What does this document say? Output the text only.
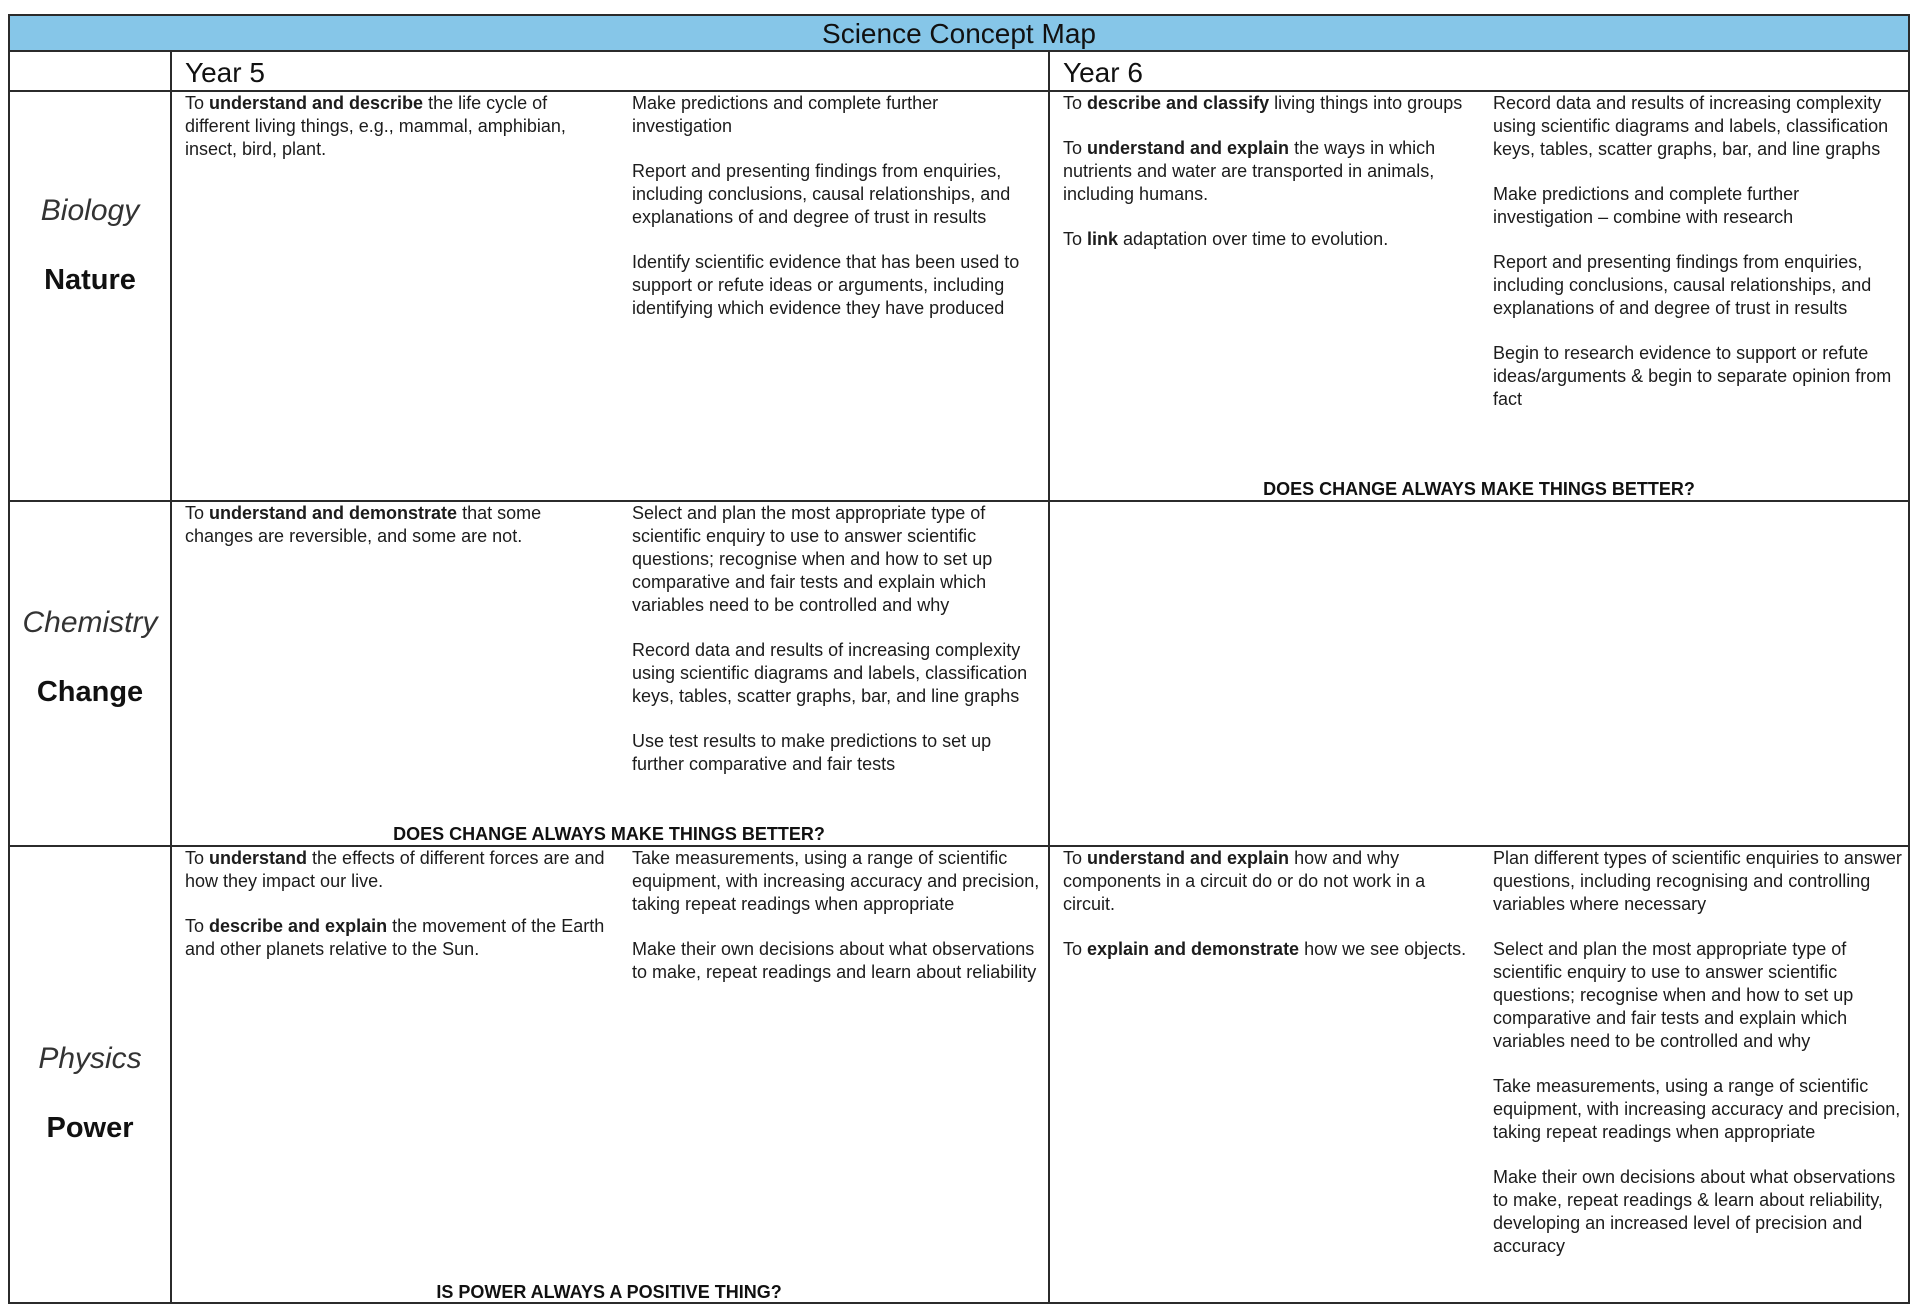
Science Concept Map
Year 5	Year 6
Biology
Nature
Chemistry
Change
Physics
Power

To understand and describe the life cycle of different living things, e.g., mammal, amphibian, insect, bird, plant.

Make predictions and complete further investigation

Report and presenting findings from enquiries, including conclusions, causal relationships, and explanations of and degree of trust in results

Identify scientific evidence that has been used to support or refute ideas or arguments, including identifying which evidence they have produced

To describe and classify living things into groups

To understand and explain the ways in which nutrients and water are transported in animals, including humans.

To link adaptation over time to evolution.

Record data and results of increasing complexity using scientific diagrams and labels, classification keys, tables, scatter graphs, bar, and line graphs

Make predictions and complete further investigation – combine with research

Report and presenting findings from enquiries, including conclusions, causal relationships, and explanations of and degree of trust in results

Begin to research evidence to support or refute ideas/arguments & begin to separate opinion from fact

DOES CHANGE ALWAYS MAKE THINGS BETTER?

To understand and demonstrate that some changes are reversible, and some are not.

Select and plan the most appropriate type of scientific enquiry to use to answer scientific questions; recognise when and how to set up comparative and fair tests and explain which variables need to be controlled and why

Record data and results of increasing complexity using scientific diagrams and labels, classification keys, tables, scatter graphs, bar, and line graphs

Use test results to make predictions to set up further comparative and fair tests

DOES CHANGE ALWAYS MAKE THINGS BETTER?

To understand the effects of different forces are and how they impact our live.

To describe and explain the movement of the Earth and other planets relative to the Sun.

Take measurements, using a range of scientific equipment, with increasing accuracy and precision, taking repeat readings when appropriate

Make their own decisions about what observations to make, repeat readings and learn about reliability

To understand and explain how and why components in a circuit do or do not work in a circuit.

To explain and demonstrate how we see objects.

Plan different types of scientific enquiries to answer questions, including recognising and controlling variables where necessary

Select and plan the most appropriate type of scientific enquiry to use to answer scientific questions; recognise when and how to set up comparative and fair tests and explain which variables need to be controlled and why

Take measurements, using a range of scientific equipment, with increasing accuracy and precision, taking repeat readings when appropriate

Make their own decisions about what observations to make, repeat readings & learn about reliability, developing an increased level of precision and accuracy

IS POWER ALWAYS A POSITIVE THING?
